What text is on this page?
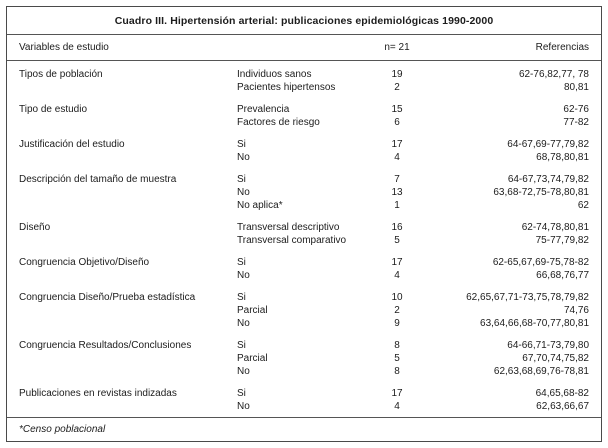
Cuadro III. Hipertensión arterial: publicaciones epidemiológicas 1990-2000
Variables de estudio	n= 21	Referencias
Tipos de población	Individuos sanos	19	62-76,82,77, 78
Pacientes hipertensos	2	80,81
Tipo de estudio	Prevalencia	15	62-76
Factores de riesgo	6	77-82
Justificación del estudio	Si	17	64-67,69-77,79,82
No	4	68,78,80,81
Descripción del tamaño de muestra	Si	7	64-67,73,74,79,82
No	13	63,68-72,75-78,80,81
No aplica*	1	62
Diseño	Transversal descriptivo	16	62-74,78,80,81
Transversal comparativo	5	75-77,79,82
Congruencia Objetivo/Diseño	Si	17	62-65,67,69-75,78-82
No	4	66,68,76,77
Congruencia Diseño/Prueba estadística	Si	10	62,65,67,71-73,75,78,79,82
Parcial	2	74,76
No	9	63,64,66,68-70,77,80,81
Congruencia Resultados/Conclusiones	Si	8	64-66,71-73,79,80
Parcial	5	67,70,74,75,82
No	8	62,63,68,69,76-78,81
Publicaciones en revistas indizadas	Si	17	64,65,68-82
No	4	62,63,66,67
*Censo poblacional
